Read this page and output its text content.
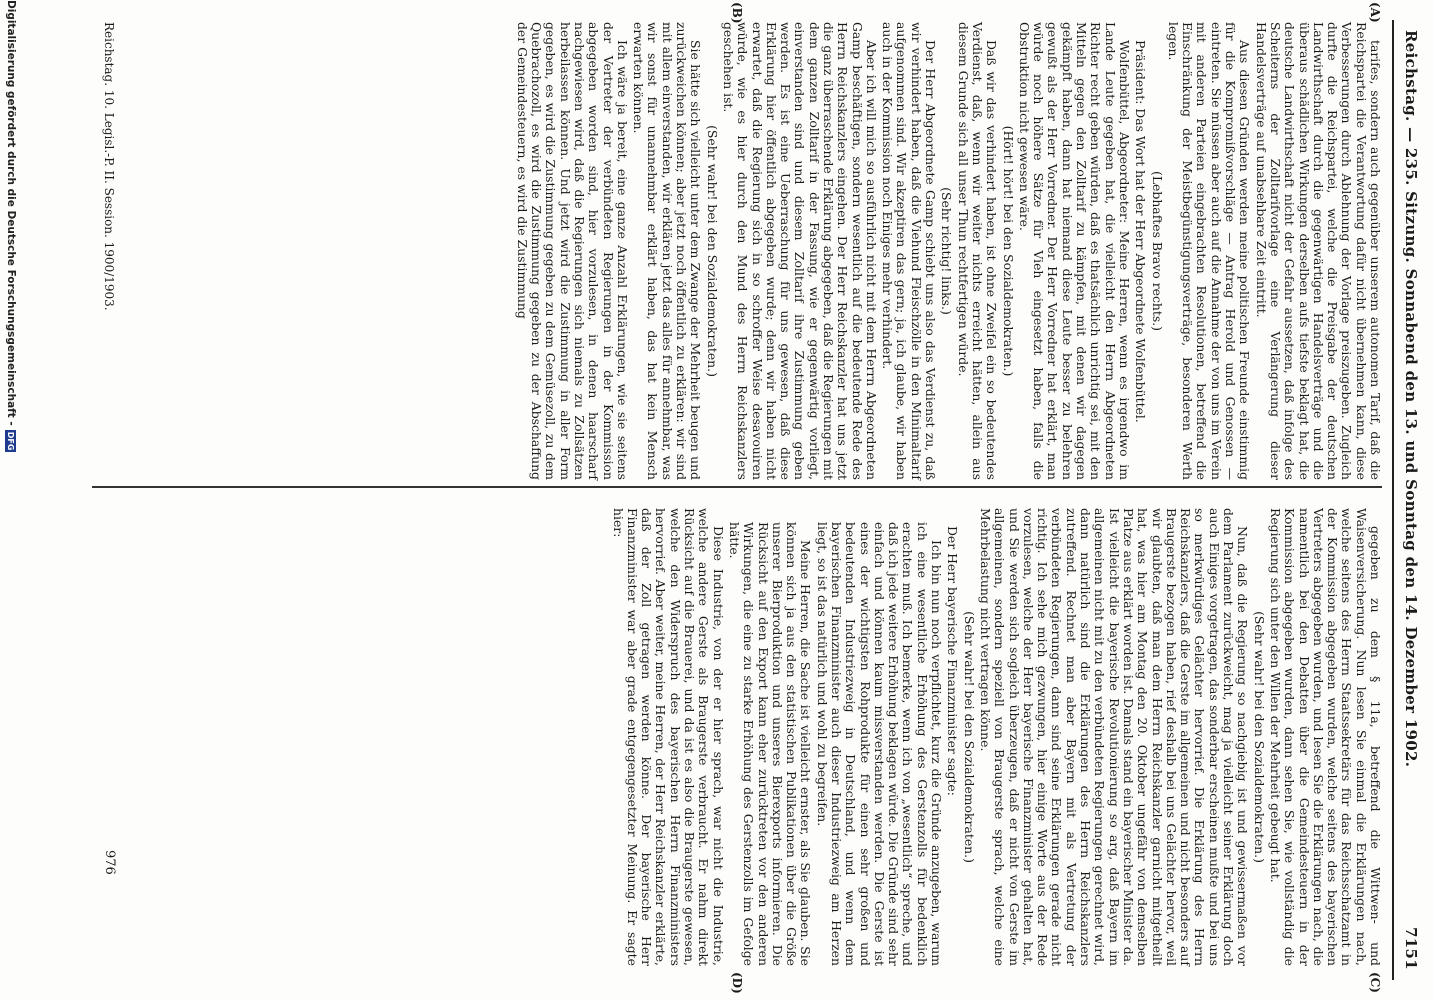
Reichstag. — 235. Sitzung. Sonnabend den 13. und Sonntag den 14. Dezember 1902.
7151
(A)
(B)
(C)
(D)

tarifes, sondern auch gegenüber unserem autonomen Tarif, daß die Reichspartei die Verantwortung dafür nicht übernehmen kann, diese Verbesserungen durch Ablehnung der Vorlage preiszugeben. Zugleich durfte die Reichspartei, welche die Preisgabe der deutschen Landwirthschaft durch die gegenwärtigen Handelsverträge und die überaus schädlichen Wirkungen derselben aufs tiefste beklagt hat, die deutsche Landwirthschaft nicht der Gefahr aussetzen, daß infolge des Scheiterns der Zolltarifvorlage eine Verlängerung dieser Handelsverträge auf unabsehbare Zeit eintritt.

Aus diesen Gründen werden meine politischen Freunde einstimmig für die Kompromißvorschläge — Antrag Herold und Genossen — eintreten. Sie müssen aber auch auf die Annahme der von uns im Verein mit anderen Parteien eingebrachten Resolutionen, betreffend die Einschränkung der Meistbegünstigungsverträge, besonderen Werth legen.

(Lebhaftes Bravo rechts.)

Präsident: Das Wort hat der Herr Abgeordnete Wolfenbüttel.

Wolfenbüttel, Abgeordneter: Meine Herren, wenn es irgendwo im Lande Leute gegeben hat, die vielleicht den Herrn Abgeordneten Richter recht geben würden, daß es thatsächlich unrichtig sei, mit den Mitteln gegen den Zolltarif zu kämpfen, mit denen wir dagegen gekämpft haben, dann hat niemand diese Leute besser zu belehren gewußt als der Herr Vorredner. Der Herr Vorredner hat erklärt, man würde noch höhere Sätze für Vieh eingesetzt haben, falls die Obstruktion nicht gewesen wäre.

(Hört! hört! bei den Sozialdemokraten.)

Daß wir das verhindert haben, ist ohne Zweifel ein so bedeutendes Verdienst, daß, wenn wir weiter nichts erreicht hätten, allein aus diesem Grunde sich all unser Thun rechtfertigen würde.

(Sehr richtig! links.)

Der Herr Abgeordnete Gamp schiebt uns also das Verdienst zu, daß wir verhindert haben, daß die Viehund Fleischzölle in den Minimaltarif aufgenommen sind. Wir akzeptiren das gern; ja, ich glaube, wir haben auch in der Kommission noch Einiges mehr verhindert.

Aber ich will mich so ausführlich nicht mit dem Herrn Abgeordneten Gamp beschäftigen, sondern wesentlich auf die bedeutende Rede des Herrn Reichskanzlers eingehen. Der Herr Reichskanzler hat uns jetzt die ganz überraschende Erklärung abgegeben, daß die Regierungen mit dem ganzen Zolltarif in der Fassung, wie er gegenwärtig vorliegt, einverstanden sind und diesem Zolltarif ihre Zustimmung geben werden. Es ist eine Ueberraschung für uns gewesen, daß diese Erklärung hier öffentlich abgegeben wurde; denn wir haben nicht erwartet, daß die Regierung sich in so schroffer Weise desavouiren würde, wie es hier durch den Mund des Herrn Reichskanzlers geschehen ist.

(Sehr wahr! bei den Sozialdemokraten.)

Sie hätte sich vielleicht unter dem Zwange der Mehrheit beugen und zurückweichen können; aber jetzt noch öffentlich zu erklären: wir sind mit allem einverstanden, wir erklären jetzt das alles für annehmbar, was wir sonst für unannehmbar erklärt haben, das hat kein Mensch erwarten können.

Ich wäre ja bereit, eine ganze Anzahl Erklärungen, wie sie seitens der Vertreter der verbündeten Regierungen in der Kommission abgegeben worden sind, hier vorzulesen, in denen haarscharf nachgewiesen wird, daß die Regierungen sich niemals zu Zollsätzen herbeilassen können. Und jetzt wird die Zustimmung in aller Form gegeben, es wird die Zustimmung gegeben zu dem Gemüsezoll, zu dem Quebrachozoll, es wird die Zustimmung gegeben zu der Abschaffung der Gemeindesteuern, es wird die Zustimmung

gegeben zu dem § 11a, betreffend die Wittwen- und Waisenversicherung. Nun lesen Sie einmal die Erklärungen nach, welche seitens des Herrn Staatssekretärs für das Reichsschatzamt in der Kommission abgegeben wurden, welche seitens des bayerischen Vertreters abgegeben wurden, und lesen Sie die Erklärungen nach, die namentlich bei den Debatten über die Gemeindesteuern in der Kommission abgegeben wurden, dann sehen Sie, wie vollständig die Regierung sich unter den Willen der Mehrheit gebeugt hat.

(Sehr wahr! bei den Sozialdemokraten.)

Nun, daß die Regierung so nachgiebig ist und gewissermaßen vor dem Parlament zurückweicht, mag ja vielleicht seiner Erklärung doch auch Einiges vorgetragen, das sonderbar erscheinen mußte und bei uns so merkwürdiges Gelächter hervorrief. Die Erklärung des Herrn Reichskanzlers, daß die Gerste im allgemeinen und nicht besonders auf Braugerste bezogen haben, rief deshalb bei uns Gelächter hervor, weil wir glaubten, daß man dem Herrn Reichskanzler garnicht mitgetheilt hat, was hier am Montag den 20. Oktober ungefähr von demselben Platze aus erklärt worden ist. Damals stand ein bayerischer Minister da. Ist vielleicht die bayerische Revolutionierung so arg, daß Bayern im allgemeinen nicht mit zu den verbündeten Regierungen gerechnet wird, dann natürlich sind die Erklärungen des Herrn Reichskanzlers zutreffend. Rechnet man aber Bayern mit als Vertretung der verbündeten Regierungen, dann sind seine Erklärungen gerade nicht richtig. Ich sehe mich gezwungen, hier einige Worte aus der Rede vorzulesen, welche der Herr bayerische Finanzminister gehalten hat, und Sie werden sich sogleich überzeugen, daß er nicht von Gerste im allgemeinen, sondern speziell von Braugerste sprach, welche eine Mehrbelastung nicht vertragen könne.

(Sehr wahr! bei den Sozialdemokraten.)

Der Herr bayerische Finanzminister sagte:

Ich bin nun noch verpflichtet, kurz die Gründe anzugeben, warum ich eine wesentliche Erhöhung des Gerstenzolls für bedenklich erachten muß. Ich bemerke, wenn ich von „wesentlich“ spreche, und daß ich jede weitere Erhöhung beklagen würde. Die Gründe sind sehr einfach und können kaum missverstanden werden. Die Gerste ist eines der wichtigsten Rohprodukte für einen sehr großen und bedeutenden Industriezweig in Deutschland, und wenn dem bayerischen Finanzminister auch dieser Industriezweig am Herzen liegt, so ist das natürlich und wohl zu begreifen.

Meine Herren, die Sache ist vielleicht ernster, als Sie glauben. Sie können sich ja aus den statistischen Publikationen über die Größe unserer Bierproduktion und unseres Bierexports informieren. Die Rücksicht auf den Export kann eher zurücktreten vor den anderen Wirkungen, die eine zu starke Erhöhung des Gerstenzolls im Gefolge hätte.

Diese Industrie, von der er hier sprach, war nicht die Industrie, welche andere Gerste als Braugerste verbraucht. Er nahm direkt Rücksicht auf die Brauerei, und da ist es also die Braugerste gewesen, welche den Widerspruch des bayerischen Herrn Finanzministers hervorrief. Aber weiter, meine Herren, der Herr Reichskanzler erklärte, daß der Zoll getragen werden könne. Der bayerische Herr Finanzminister war aber grade entgegengesetzter Meinung. Er sagte hier:

Reichstag. 10. Legisl.-P. II. Session. 1900/1903.
976
Digitalisierung gefördert durch die Deutsche Forschungsgemeinschaft -
DFG
